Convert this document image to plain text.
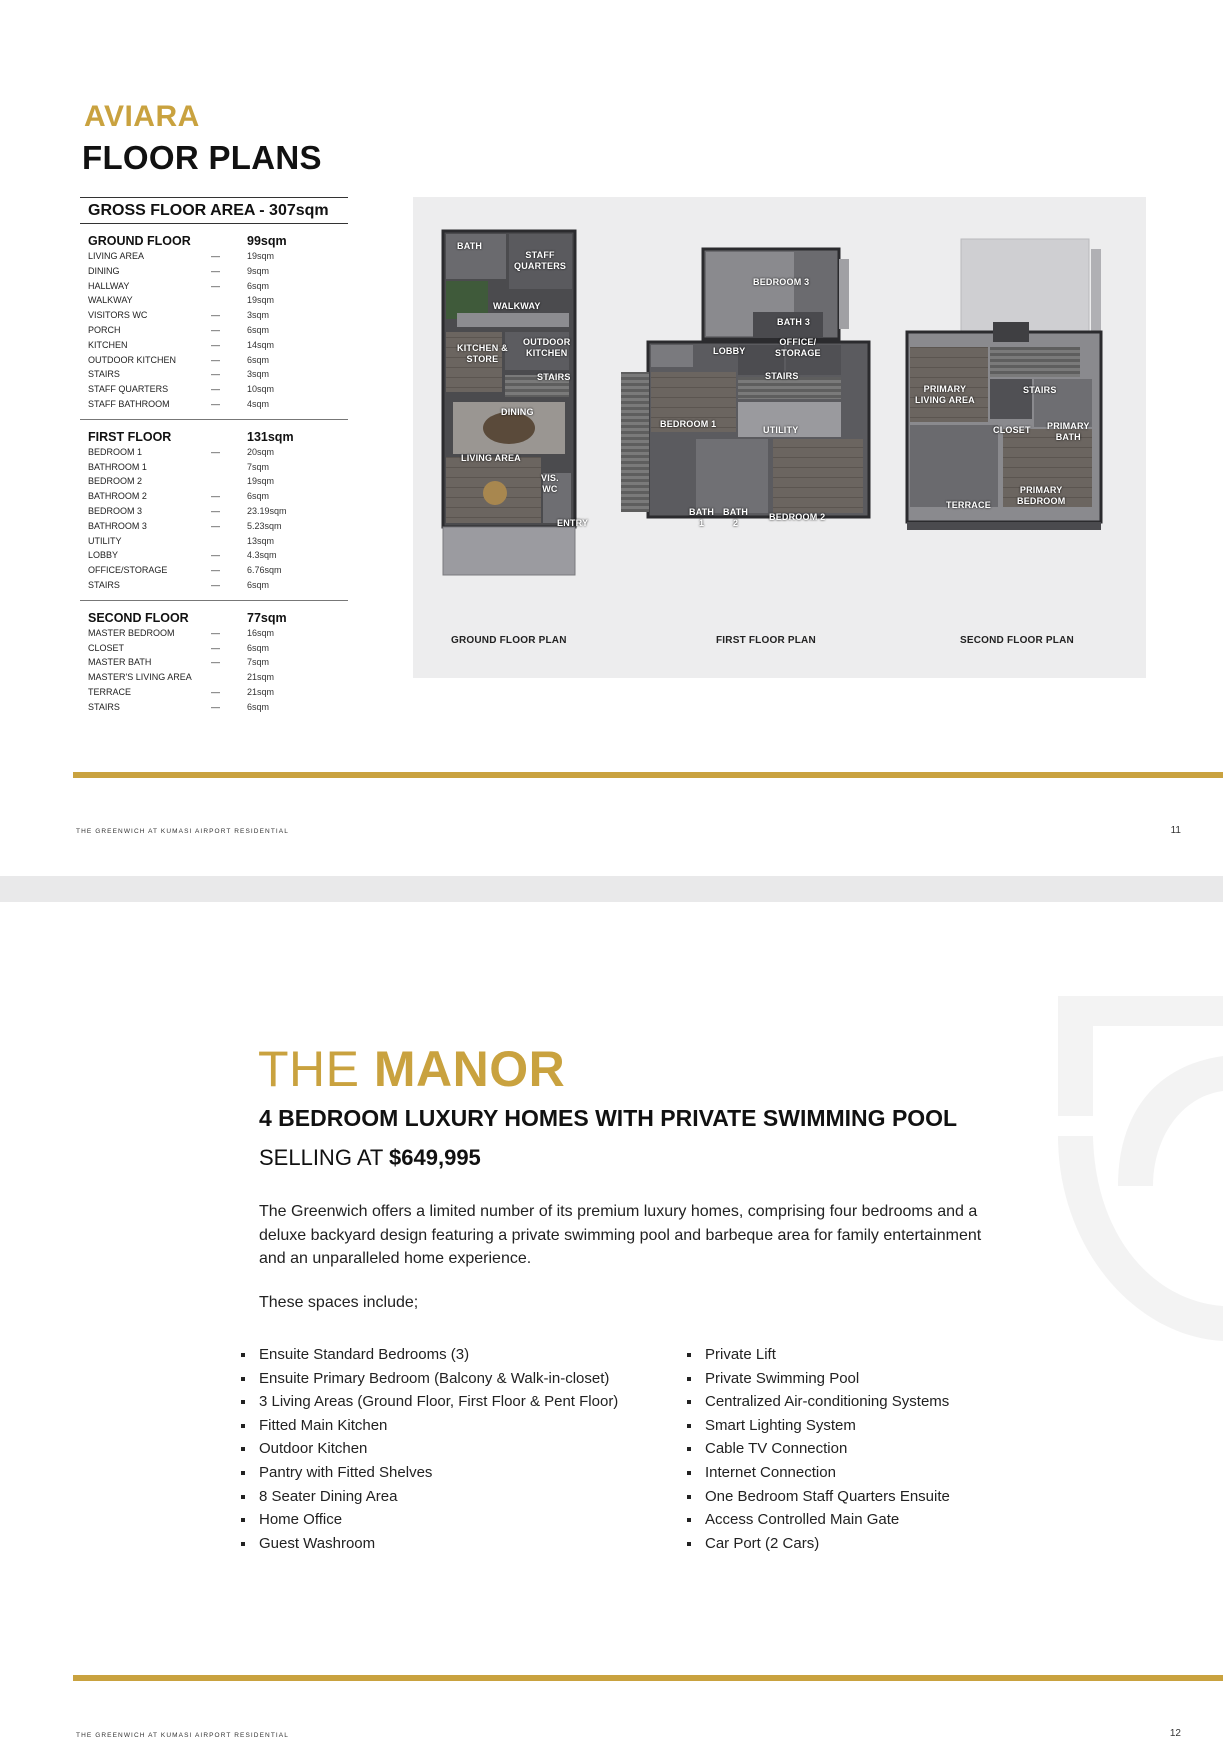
AVIARA
FLOOR PLANS
GROSS FLOOR AREA - 307sqm
GROUND FLOOR	99sqm
LIVING AREA	—	19sqm
DINING	—	9sqm
HALLWAY	—	6sqm
WALKWAY	19sqm
VISITORS WC	—	3sqm
PORCH	—	6sqm
KITCHEN	—	14sqm
OUTDOOR KITCHEN	—	6sqm
STAIRS	—	3sqm
STAFF QUARTERS	—	10sqm
STAFF BATHROOM	—	4sqm
FIRST FLOOR	131sqm
BEDROOM 1	—	20sqm
BATHROOM 1	7sqm
BEDROOM 2	19sqm
BATHROOM 2	—	6sqm
BEDROOM 3	—	23.19sqm
BATHROOM 3	—	5.23sqm
UTILITY	13sqm
LOBBY	—	4.3sqm
OFFICE/STORAGE	—	6.76sqm
STAIRS	—	6sqm
SECOND FLOOR	77sqm
MASTER BEDROOM	—	16sqm
CLOSET	—	6sqm
MASTER BATH	—	7sqm
MASTER'S LIVING AREA	21sqm
TERRACE	—	21sqm
STAIRS	—	6sqm
BATH
STAFF
QUARTERS
WALKWAY
KITCHEN &
STORE
OUTDOOR
KITCHEN
STAIRS
DINING
LIVING AREA
VIS.
WC
ENTRY
BEDROOM 3
BATH 3
LOBBY
OFFICE/
STORAGE
STAIRS
BEDROOM 1
UTILITY
BATH
1
BATH
2
BEDROOM 2
PRIMARY
LIVING AREA
STAIRS
CLOSET PRIMARY
BATH
PRIMARY
BEDROOM
TERRACE
GROUND FLOOR PLAN	FIRST FLOOR PLAN	SECOND FLOOR PLAN
THE GREENWICH AT KUMASI AIRPORT RESIDENTIAL	11
THE MANOR
4 BEDROOM LUXURY HOMES WITH PRIVATE SWIMMING POOL
SELLING AT $649,995
The Greenwich offers a limited number of its premium luxury homes, comprising four bedrooms and a deluxe backyard design featuring a private swimming pool and barbeque area for family entertainment and an unparalleled home experience.
These spaces include;
Ensuite Standard Bedrooms (3)
Ensuite Primary Bedroom (Balcony & Walk-in-closet)
3 Living Areas (Ground Floor, First Floor & Pent Floor)
Fitted Main Kitchen
Outdoor Kitchen
Pantry with Fitted Shelves
8 Seater Dining Area
Home Office
Guest Washroom
Private Lift
Private Swimming Pool
Centralized Air-conditioning Systems
Smart Lighting System
Cable TV Connection
Internet Connection
One Bedroom Staff Quarters Ensuite
Access Controlled Main Gate
Car Port (2 Cars)
THE GREENWICH AT KUMASI AIRPORT RESIDENTIAL	12
